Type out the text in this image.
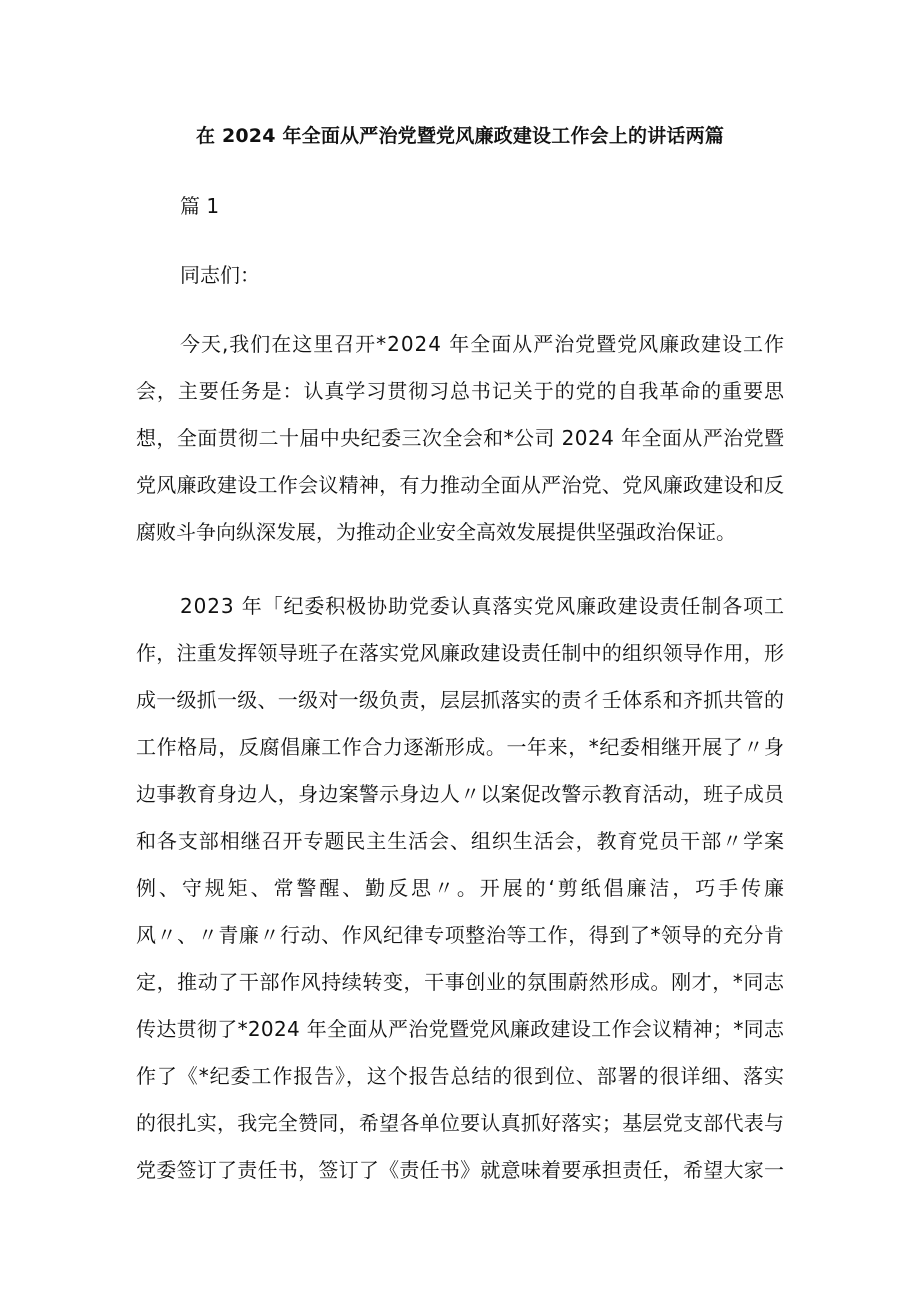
在 2024 年全面从严治党暨党风廉政建设工作会上的讲话两篇
篇 1
同志们：
今天,我们在这里召开*2024 年全面从严治党暨党风廉政建设工作
会，主要任务是：认真学习贯彻习总书记关于的党的自我革命的重要思
想，全面贯彻二十届中央纪委三次全会和*公司 2024 年全面从严治党暨
党风廉政建设工作会议精神，有力推动全面从严治党、党风廉政建设和反
腐败斗争向纵深发展，为推动企业安全高效发展提供坚强政治保证。
2023 年「纪委积极协助党委认真落实党风廉政建设责任制各项工
作，注重发挥领导班子在落实党风廉政建设责任制中的组织领导作用，形
成一级抓一级、一级对一级负责，层层抓落实的责彳壬体系和齐抓共管的
工作格局，反腐倡廉工作合力逐渐形成。一年来，*纪委相继开展了〃身
边事教育身边人，身边案警示身边人〃以案促改警示教育活动，班子成员
和各支部相继召开专题民主生活会、组织生活会，教育党员干部〃学案
例、守规矩、常警醒、勤反思〃。开展的‘剪纸倡廉洁，巧手传廉
风〃、〃青廉〃行动、作风纪律专项整治等工作，得到了*领导的充分肯
定，推动了干部作风持续转变，干事创业的氛围蔚然形成。刚才，*同志
传达贯彻了*2024 年全面从严治党暨党风廉政建设工作会议精神；*同志
作了《*纪委工作报告》，这个报告总结的很到位、部署的很详细、落实
的很扎实，我完全赞同，希望各单位要认真抓好落实；基层党支部代表与
党委签订了责任书，签订了《责任书》就意味着要承担责任，希望大家一
